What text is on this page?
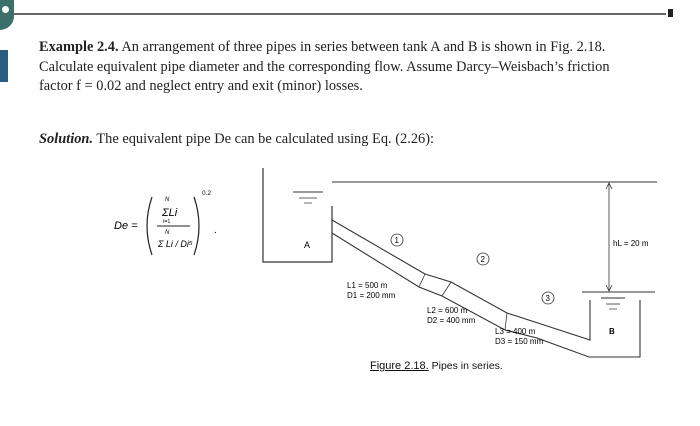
Example 2.4. An arrangement of three pipes in series between tank A and B is shown in Fig. 2.18. Calculate equivalent pipe diameter and the corresponding flow. Assume Darcy–Weisbach’s friction factor f = 0.02 and neglect entry and exit (minor) losses.
Solution. The equivalent pipe De can be calculated using Eq. (2.26):
De =
N
ΣLi
i=1
N
Σ Li / Di⁵
0.2
.
A	hL = 20 m
B
1
2
3
L1 = 500 m
D1 = 200 mm
L2 = 600 m
D2 = 400 mm
L3 = 400 m
D3 = 150 mm
Figure 2.18. Pipes in series.
